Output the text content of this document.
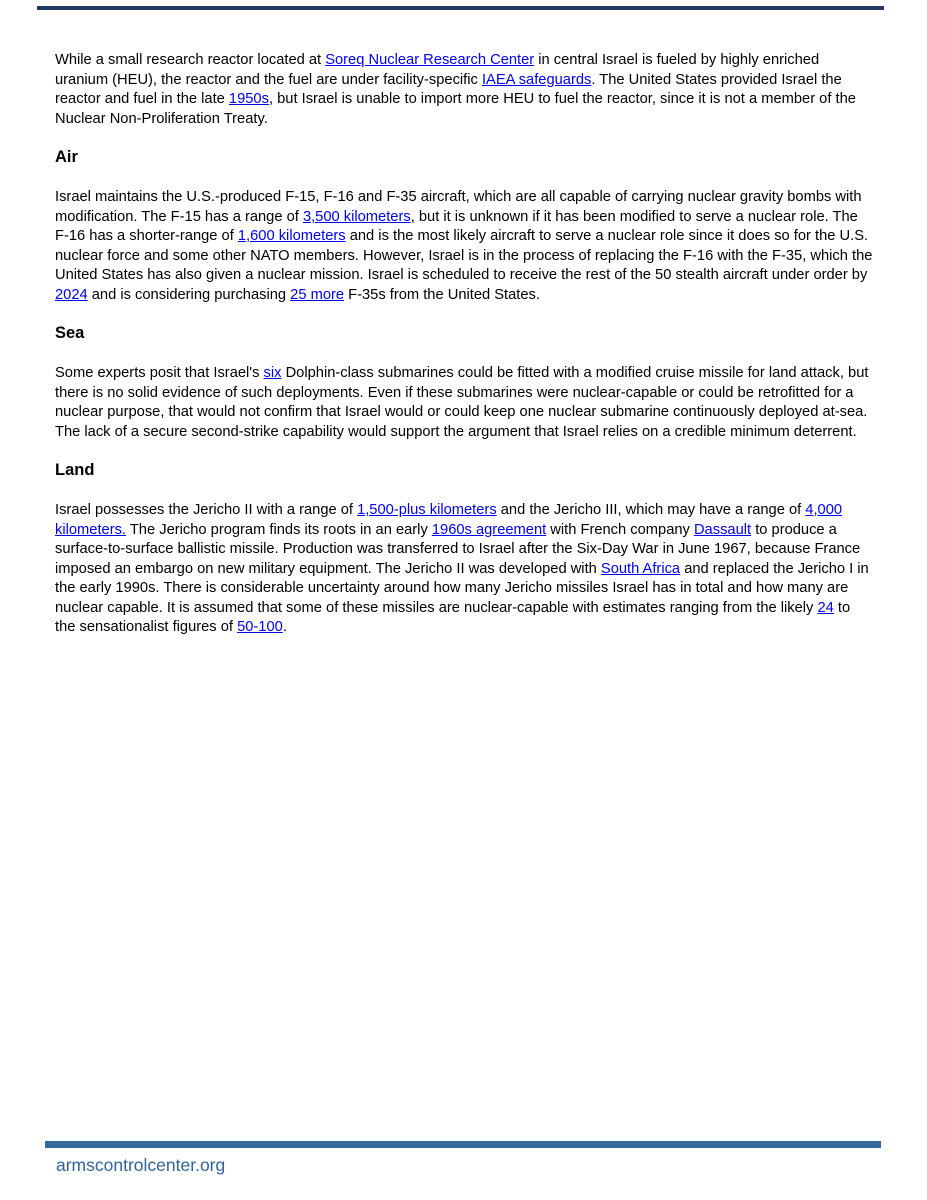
While a small research reactor located at Soreq Nuclear Research Center in central Israel is fueled by highly enriched uranium (HEU), the reactor and the fuel are under facility-specific IAEA safeguards. The United States provided Israel the reactor and fuel in the late 1950s, but Israel is unable to import more HEU to fuel the reactor, since it is not a member of the Nuclear Non-Proliferation Treaty.

Air

Israel maintains the U.S.-produced F-15, F-16 and F-35 aircraft, which are all capable of carrying nuclear gravity bombs with modification. The F-15 has a range of 3,500 kilometers, but it is unknown if it has been modified to serve a nuclear role. The F-16 has a shorter-range of 1,600 kilometers and is the most likely aircraft to serve a nuclear role since it does so for the U.S. nuclear force and some other NATO members. However, Israel is in the process of replacing the F-16 with the F-35, which the United States has also given a nuclear mission. Israel is scheduled to receive the rest of the 50 stealth aircraft under order by 2024 and is considering purchasing 25 more F-35s from the United States.

Sea

Some experts posit that Israel's six Dolphin-class submarines could be fitted with a modified cruise missile for land attack, but there is no solid evidence of such deployments. Even if these submarines were nuclear-capable or could be retrofitted for a nuclear purpose, that would not confirm that Israel would or could keep one nuclear submarine continuously deployed at-sea. The lack of a secure second-strike capability would support the argument that Israel relies on a credible minimum deterrent.

Land

Israel possesses the Jericho II with a range of 1,500-plus kilometers and the Jericho III, which may have a range of 4,000 kilometers. The Jericho program finds its roots in an early 1960s agreement with French company Dassault to produce a surface-to-surface ballistic missile. Production was transferred to Israel after the Six-Day War in June 1967, because France imposed an embargo on new military equipment. The Jericho II was developed with South Africa and replaced the Jericho I in the early 1990s. There is considerable uncertainty around how many Jericho missiles Israel has in total and how many are nuclear capable. It is assumed that some of these missiles are nuclear-capable with estimates ranging from the likely 24 to the sensationalist figures of 50-100.

armscontrolcenter.org
